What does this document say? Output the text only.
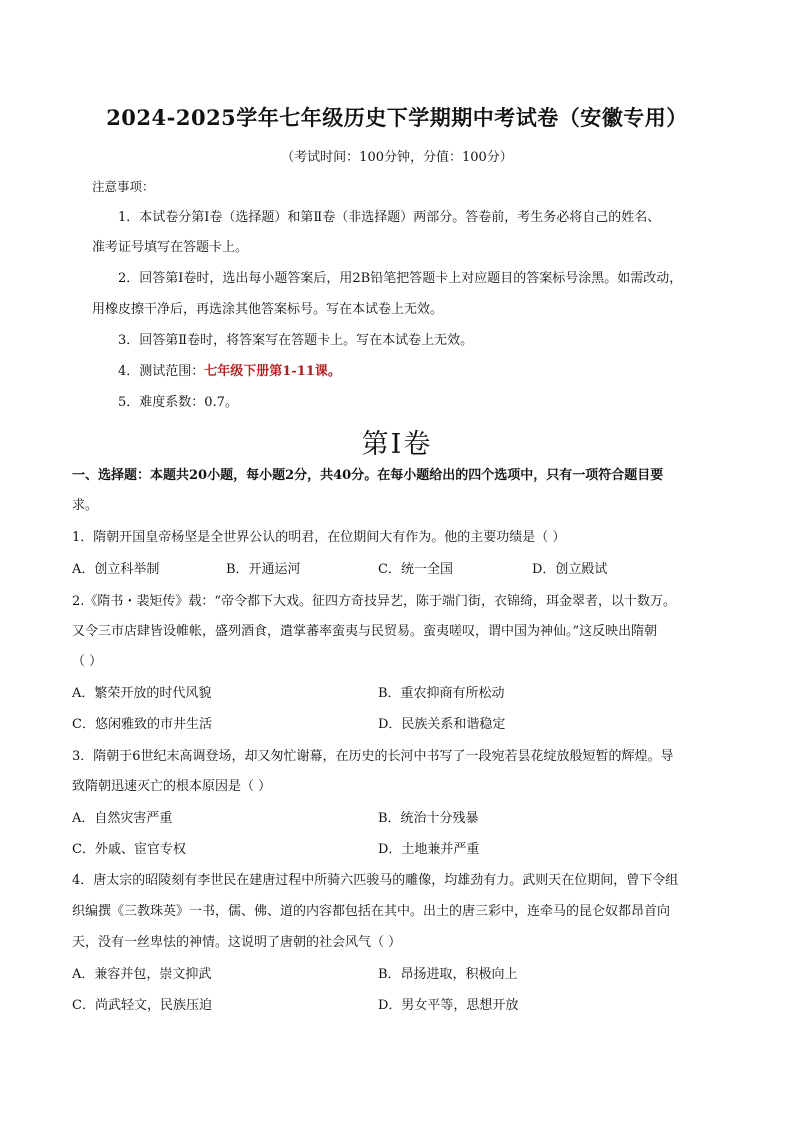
2024-2025学年七年级历史下学期期中考试卷（安徽专用）
（考试时间：100分钟，分值：100分）
注意事项：
1．本试卷分第Ⅰ卷（选择题）和第Ⅱ卷（非选择题）两部分。答卷前，考生务必将自己的姓名、
准考证号填写在答题卡上。
2．回答第Ⅰ卷时，选出每小题答案后，用2B铅笔把答题卡上对应题目的答案标号涂黑。如需改动，
用橡皮擦干净后，再选涂其他答案标号。写在本试卷上无效。
3．回答第Ⅱ卷时，将答案写在答题卡上。写在本试卷上无效。
4．测试范围：七年级下册第1-11课。
5．难度系数：0.7。
第Ⅰ卷
一、选择题：本题共20小题，每小题2分，共40分。在每小题给出的四个选项中，只有一项符合题目要
求。
1．隋朝开国皇帝杨坚是全世界公认的明君，在位期间大有作为。他的主要功绩是（ ）
A．创立科举制	B．开通运河	C．统一全国	D．创立殿试
2.《隋书・裴矩传》载：“帝令都下大戏。征四方奇技异艺，陈于端门街，衣锦绮，珥金翠者，以十数万。
又令三市店肆皆设帷帐，盛列酒食，遣掌蕃率蛮夷与民贸易。蛮夷嗟叹，谓中国为神仙。”这反映出隋朝
（ ）
A．繁荣开放的时代风貌	B．重农抑商有所松动
C．悠闲雅致的市井生活	D．民族关系和谐稳定
3．隋朝于6世纪末高调登场，却又匆忙谢幕，在历史的长河中书写了一段宛若昙花绽放般短暂的辉煌。导
致隋朝迅速灭亡的根本原因是（ ）
A．自然灾害严重	B．统治十分残暴
C．外戚、宦官专权	D．土地兼并严重
4．唐太宗的昭陵刻有李世民在建唐过程中所骑六匹骏马的雕像，均雄劲有力。武则天在位期间，曾下令组
织编撰《三教珠英》一书，儒、佛、道的内容都包括在其中。出土的唐三彩中，连牵马的昆仑奴都昂首向
天，没有一丝卑怯的神情。这说明了唐朝的社会风气（ ）
A．兼容并包，崇文抑武	B．昂扬进取，积极向上
C．尚武轻文，民族压迫	D．男女平等，思想开放
